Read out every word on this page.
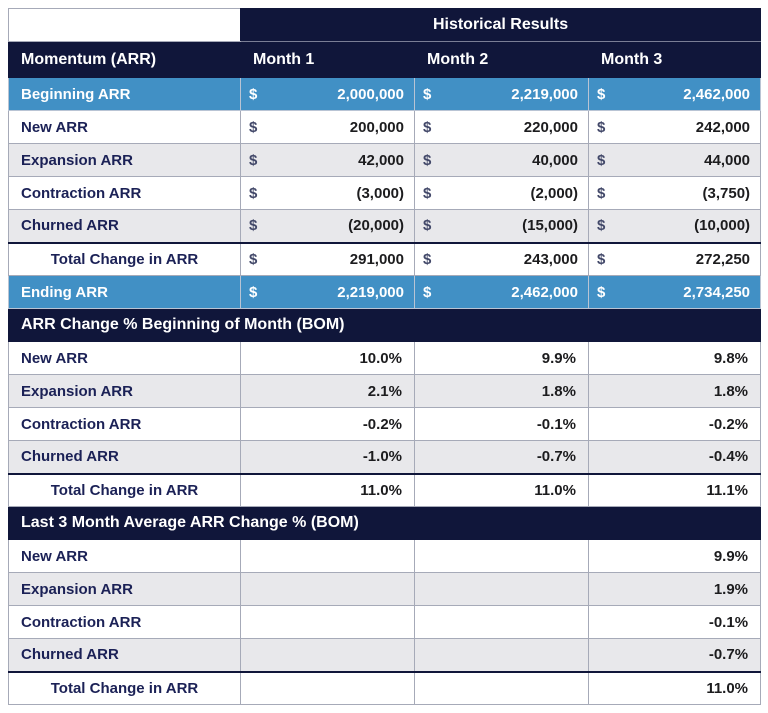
	Historical Results		
Momentum (ARR)	Month 1	Month 2	Month 3
Beginning ARR	$ 2,000,000	$ 2,219,000	$ 2,462,000

New ARR	$ 200,000	$ 220,000	$ 242,000

Expansion ARR	$ 42,000	$ 40,000	$ 44,000

Contraction ARR	$ (3,000)	$ (2,000)	$ (3,750)

Churned ARR	$ (20,000)	$ (15,000)	$ (10,000)

Total Change in ARR	$ 291,000	$ 243,000	$ 272,250

Ending ARR	$ 2,219,000	$ 2,462,000	$ 2,734,250

ARR Change % Beginning of Month (BOM)			
New ARR	10.0%	9.9%	9.8%
Expansion ARR	2.1%	1.8%	1.8%
Contraction ARR	-0.2%	-0.1%	-0.2%
Churned ARR	-1.0%	-0.7%	-0.4%
Total Change in ARR	11.0%	11.0%	11.1%
Last 3 Month Average ARR Change % (BOM)			
New ARR			9.9%
Expansion ARR			1.9%
Contraction ARR			-0.1%
Churned ARR			-0.7%
Total Change in ARR			11.0%
